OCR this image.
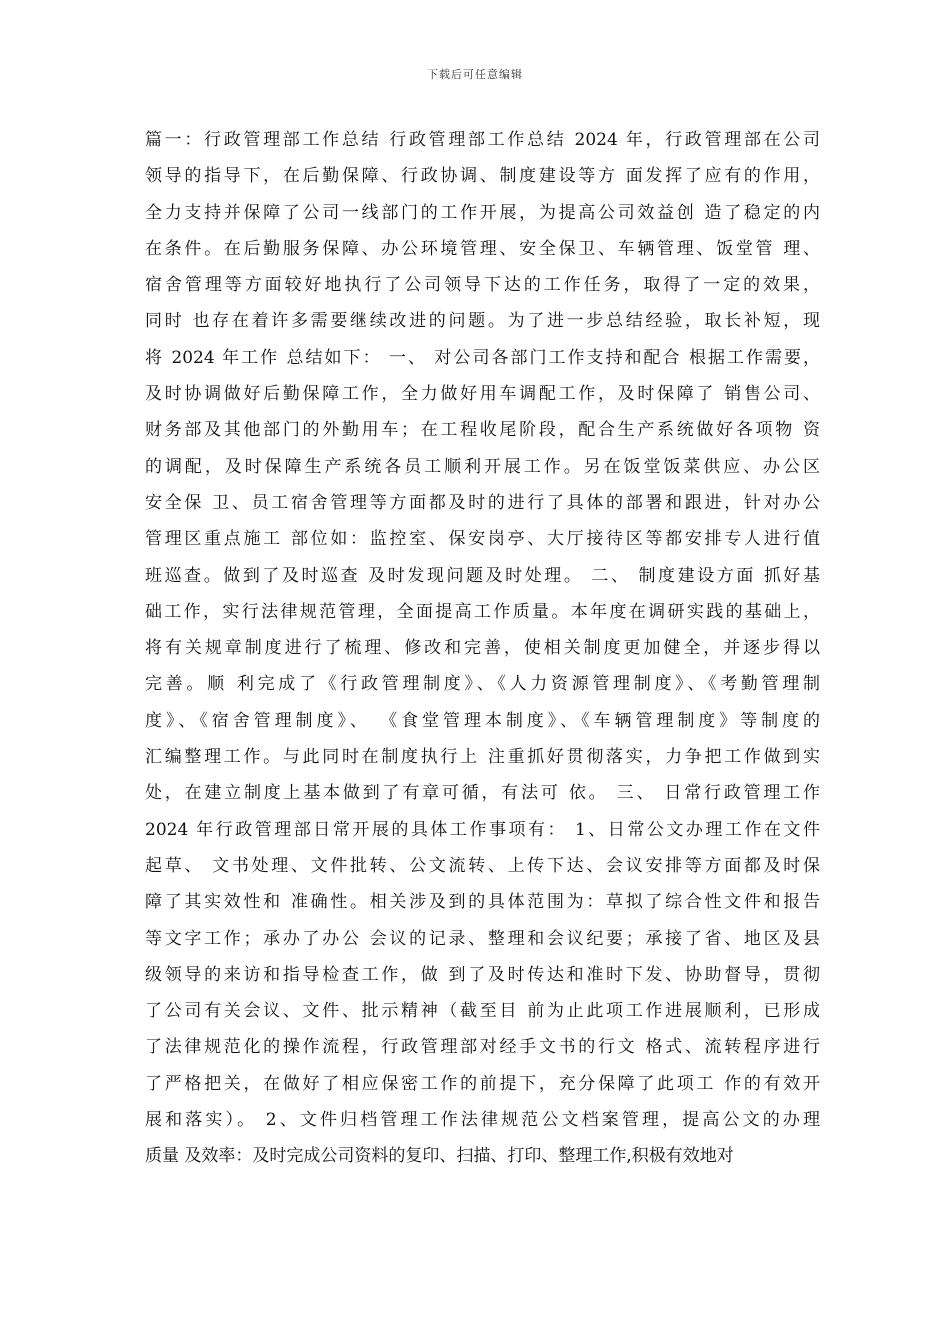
下载后可任意编辑
篇一：行政管理部工作总结 行政管理部工作总结 2024 年，行政管理部在公司
领导的指导下，在后勤保障、行政协调、制度建设等方 面发挥了应有的作用，
全力支持并保障了公司一线部门的工作开展，为提高公司效益创 造了稳定的内
在条件。在后勤服务保障、办公环境管理、安全保卫、车辆管理、饭堂管 理、
宿舍管理等方面较好地执行了公司领导下达的工作任务，取得了一定的效果，
同时 也存在着许多需要继续改进的问题。为了进一步总结经验，取长补短，现
将 2024 年工作 总结如下： 一、 对公司各部门工作支持和配合 根据工作需要，
及时协调做好后勤保障工作，全力做好用车调配工作，及时保障了 销售公司、
财务部及其他部门的外勤用车；在工程收尾阶段，配合生产系统做好各项物 资
的调配，及时保障生产系统各员工顺利开展工作。另在饭堂饭菜供应、办公区
安全保 卫、员工宿舍管理等方面都及时的进行了具体的部署和跟进，针对办公
管理区重点施工 部位如：监控室、保安岗亭、大厅接待区等都安排专人进行值
班巡查。做到了及时巡查 及时发现问题及时处理。 二、 制度建设方面 抓好基
础工作，实行法律规范管理，全面提高工作质量。本年度在调研实践的基础上，
将有关规章制度进行了梳理、修改和完善，使相关制度更加健全，并逐步得以
完善。顺 利完成了《行政管理制度》、《人力资源管理制度》、《考勤管理制
度》、《宿舍管理制度》、 《食堂管理本制度》、《车辆管理制度》等制度的
汇编整理工作。与此同时在制度执行上 注重抓好贯彻落实，力争把工作做到实
处，在建立制度上基本做到了有章可循，有法可 依。 三、 日常行政管理工作
2024 年行政管理部日常开展的具体工作事项有： 1、日常公文办理工作在文件
起草、 文书处理、文件批转、公文流转、上传下达、会议安排等方面都及时保
障了其实效性和 准确性。相关涉及到的具体范围为：草拟了综合性文件和报告
等文字工作；承办了办公 会议的记录、整理和会议纪要；承接了省、地区及县
级领导的来访和指导检查工作，做 到了及时传达和准时下发、协助督导，贯彻
了公司有关会议、文件、批示精神（截至目 前为止此项工作进展顺利，已形成
了法律规范化的操作流程，行政管理部对经手文书的行文 格式、流转程序进行
了严格把关，在做好了相应保密工作的前提下，充分保障了此项工 作的有效开
展和落实）。 2、文件归档管理工作法律规范公文档案管理，提高公文的办理
质量 及效率：及时完成公司资料的复印、扫描、打印、整理工作,积极有效地对
